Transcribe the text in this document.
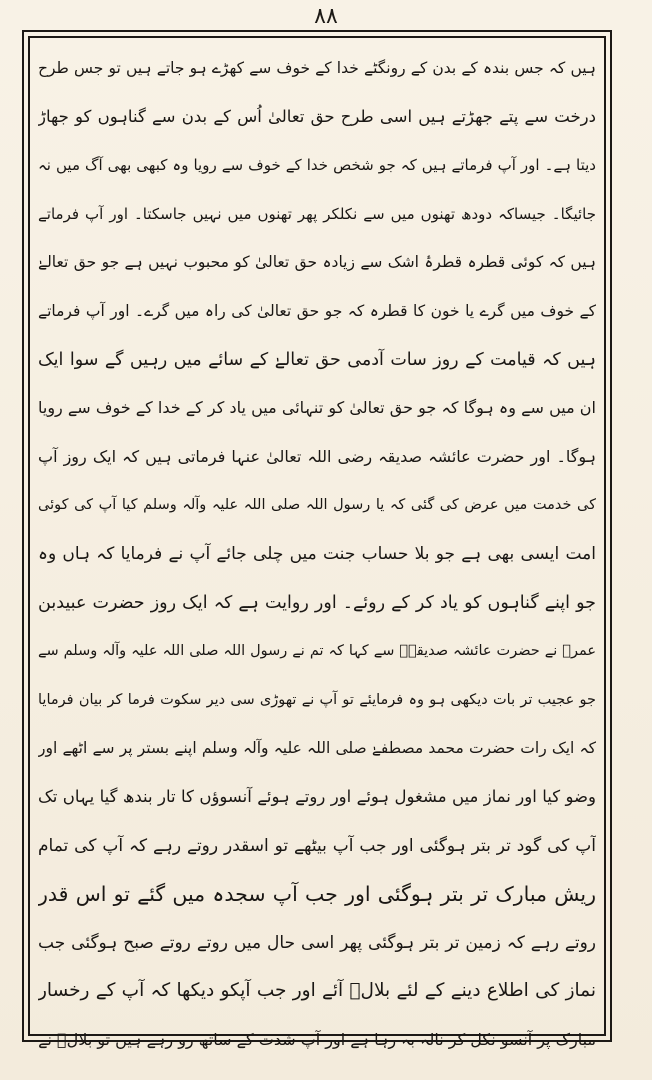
۸۸
ہیں کہ جس بندہ کے بدن کے رونگٹے خدا کے خوف سے کھڑے ہو جاتے ہیں تو جس طرح
درخت سے پتے جھڑتے ہیں اسی طرح حق تعالیٰ اُس کے بدن سے گناہوں کو جھاڑ
دیتا ہے۔ اور آپ فرماتے ہیں کہ جو شخص خدا کے خوف سے رویا وہ کبھی بھی آگ میں نہ
جائیگا۔ جیساکہ دودھ تھنوں میں سے نکلکر پھر تھنوں میں نہیں جاسکتا۔ اور آپ فرماتے
ہیں کہ کوئی قطرہ قطرۂ اشک سے زیادہ حق تعالیٰ کو محبوب نہیں ہے جو حق تعالےٰ
کے خوف میں گرے یا خون کا قطرہ کہ جو حق تعالیٰ کی راہ میں گرے۔ اور آپ فرماتے
ہیں کہ قیامت کے روز سات آدمی حق تعالےٰ کے سائے میں رہیں گے سوا ایک
ان میں سے وہ ہوگا کہ جو حق تعالیٰ کو تنہائی میں یاد کر کے خدا کے خوف سے رویا
ہوگا۔ اور حضرت عائشہ صدیقہ رضی اللہ تعالیٰ عنہا فرماتی ہیں کہ ایک روز آپ
کی خدمت میں عرض کی گئی کہ یا رسول اللہ صلی اللہ علیہ وآلہ وسلم کیا آپ کی کوئی
امت ایسی بھی ہے جو بلا حساب جنت میں چلی جائے آپ نے فرمایا کہ ہاں وہ
جو اپنے گناہوں کو یاد کر کے روئے۔ اور روایت ہے کہ ایک روز حضرت عبیدبن
عمرؓ نے حضرت عائشہ صدیقہؓ سے کہا کہ تم نے رسول اللہ صلی اللہ علیہ وآلہ وسلم سے
جو عجیب تر بات دیکھی ہو وہ فرمایئے تو آپ نے تھوڑی سی دیر سکوت فرما کر بیان فرمایا
کہ ایک رات حضرت محمد مصطفےٰ صلی اللہ علیہ وآلہ وسلم اپنے بستر پر سے اٹھے اور
وضو کیا اور نماز میں مشغول ہوئے اور روتے ہوئے آنسوؤں کا تار بندھ گیا یہاں تک
آپ کی گود تر بتر ہوگئی اور جب آپ بیٹھے تو اسقدر روتے رہے کہ آپ کی تمام
ریش مبارک تر بتر ہوگئی اور جب آپ سجدہ میں گئے تو اس قدر
روتے رہے کہ زمین تر بتر ہوگئی پھر اسی حال میں روتے روتے صبح ہوگئی جب
نماز کی اطلاع دینے کے لئے بلالؓ آئے اور جب آپکو دیکھا کہ آپ کے رخسار
مبارک پر آنسو نکل کر نالہ بہ رہا ہے اور آپ شدت کے ساتھ رو رہے ہیں تو بلالؓ نے
